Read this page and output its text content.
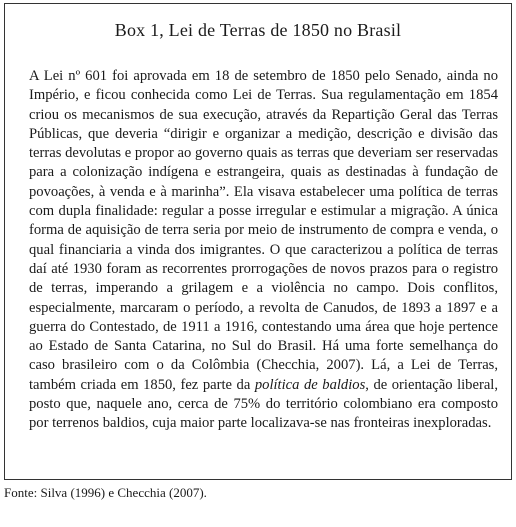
Box 1, Lei de Terras de 1850 no Brasil

A Lei nº 601 foi aprovada em 18 de setembro de 1850 pelo Senado, ainda no Império, e ficou conhecida como Lei de Terras. Sua regulamentação em 1854 criou os mecanismos de sua execução, através da Repartição Geral das Terras Públicas, que deveria “dirigir e organizar a medição, descrição e divisão das terras devolutas e propor ao governo quais as terras que deveriam ser reservadas para a colonização indígena e estrangeira, quais as destinadas à fundação de povoações, à venda e à marinha”. Ela visava estabelecer uma política de terras com dupla finalidade: regular a posse irregular e estimular a migração. A única forma de aquisição de terra seria por meio de instrumento de compra e venda, o qual financiaria a vinda dos imigrantes. O que caracterizou a política de terras daí até 1930 foram as recorrentes prorrogações de novos prazos para o registro de terras, imperando a grilagem e a violência no campo. Dois conflitos, especialmente, marcaram o período, a revolta de Canudos, de 1893 a 1897 e a guerra do Contestado, de 1911 a 1916, contestando uma área que hoje pertence ao Estado de Santa Catarina, no Sul do Brasil. Há uma forte semelhança do caso brasileiro com o da Colômbia (Checchia, 2007). Lá, a Lei de Terras, também criada em 1850, fez parte da política de baldios, de orientação liberal, posto que, naquele ano, cerca de 75% do território colombiano era composto por terrenos baldios, cuja maior parte localizava-se nas fronteiras inexploradas.

Fonte: Silva (1996) e Checchia (2007).
